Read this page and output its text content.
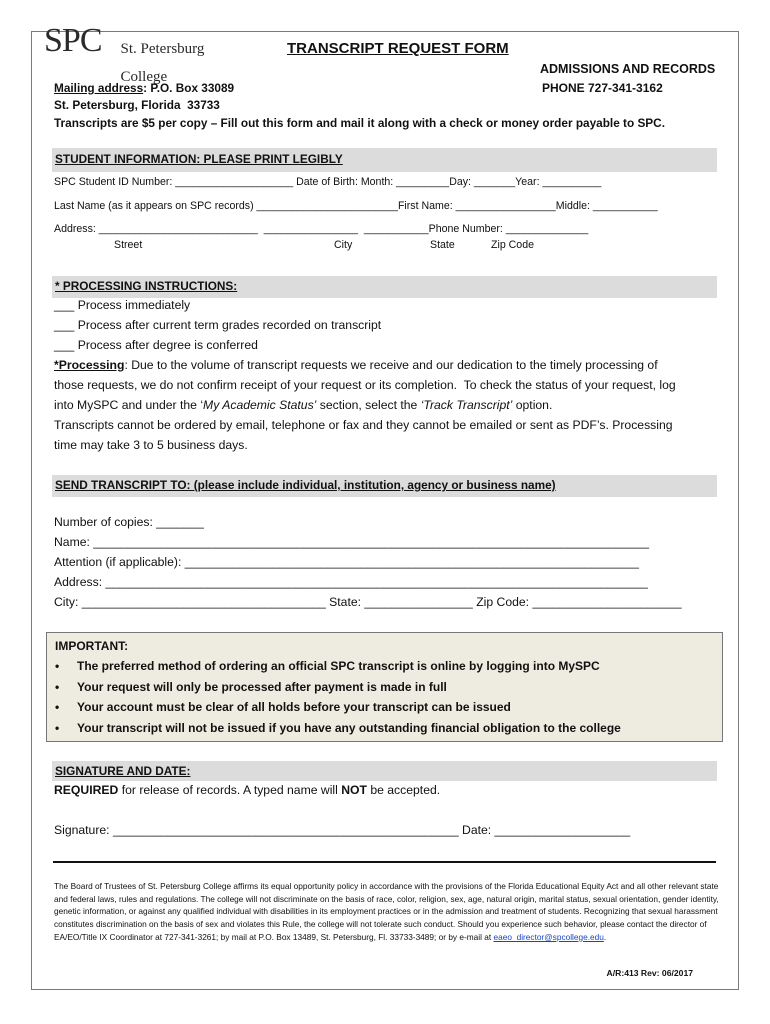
SPC	St. Petersburg

College

TRANSCRIPT REQUEST FORM
ADMISSIONS AND RECORDS
PHONE 727-341-3162
Mailing address: P.O. Box 33089
St. Petersburg, Florida  33733
Transcripts are $5 per copy – Fill out this form and mail it along with a check or money order payable to SPC.
STUDENT INFORMATION: PLEASE PRINT LEGIBLY
SPC Student ID Number: ____________________ Date of Birth: Month: _________Day: _______Year: __________
Last Name (as it appears on SPC records) ________________________First Name: _________________Middle: ___________
Address: ___________________________  ________________  ___________Phone Number: ______________
Street	City	State	Zip Code
* PROCESSING INSTRUCTIONS:
___ Process immediately
___ Process after current term grades recorded on transcript
___ Process after degree is conferred
*Processing: Due to the volume of transcript requests we receive and our dedication to the timely processing of
those requests, we do not confirm receipt of your request or its completion.  To check the status of your request, log
into MySPC and under the ‘My Academic Status’ section, select the ‘Track Transcript’ option.
Transcripts cannot be ordered by email, telephone or fax and they cannot be emailed or sent as PDF’s. Processing
time may take 3 to 5 business days.
SEND TRANSCRIPT TO: (please include individual, institution, agency or business name)
Number of copies: _______
Name: __________________________________________________________________________________
Attention (if applicable): ___________________________________________________________________
Address: ________________________________________________________________________________
City: ____________________________________ State: ________________ Zip Code: ______________________
IMPORTANT:
• The preferred method of ordering an official SPC transcript is online by logging into MySPC
• Your request will only be processed after payment is made in full
• Your account must be clear of all holds before your transcript can be issued
• Your transcript will not be issued if you have any outstanding financial obligation to the college
SIGNATURE AND DATE:
REQUIRED for release of records. A typed name will NOT be accepted.
Signature: ___________________________________________________ Date: ____________________
The Board of Trustees of St. Petersburg College affirms its equal opportunity policy in accordance with the provisions of the Florida Educational Equity Act and all other relevant state and federal laws, rules and regulations. The college will not discriminate on the basis of race, color, religion, sex, age, natural origin, marital status, sexual orientation, gender identity, genetic information, or against any qualified individual with disabilities in its employment practices or in the admission and treatment of students. Recognizing that sexual harassment constitutes discrimination on the basis of sex and violates this Rule, the college will not tolerate such conduct. Should you experience such behavior, please contact the director of EA/EO/Title IX Coordinator at 727-341-3261; by mail at P.O. Box 13489, St. Petersburg, Fl. 33733-3489; or by e-mail at eaeo_director@spcollege.edu.
A/R:413 Rev: 06/2017
